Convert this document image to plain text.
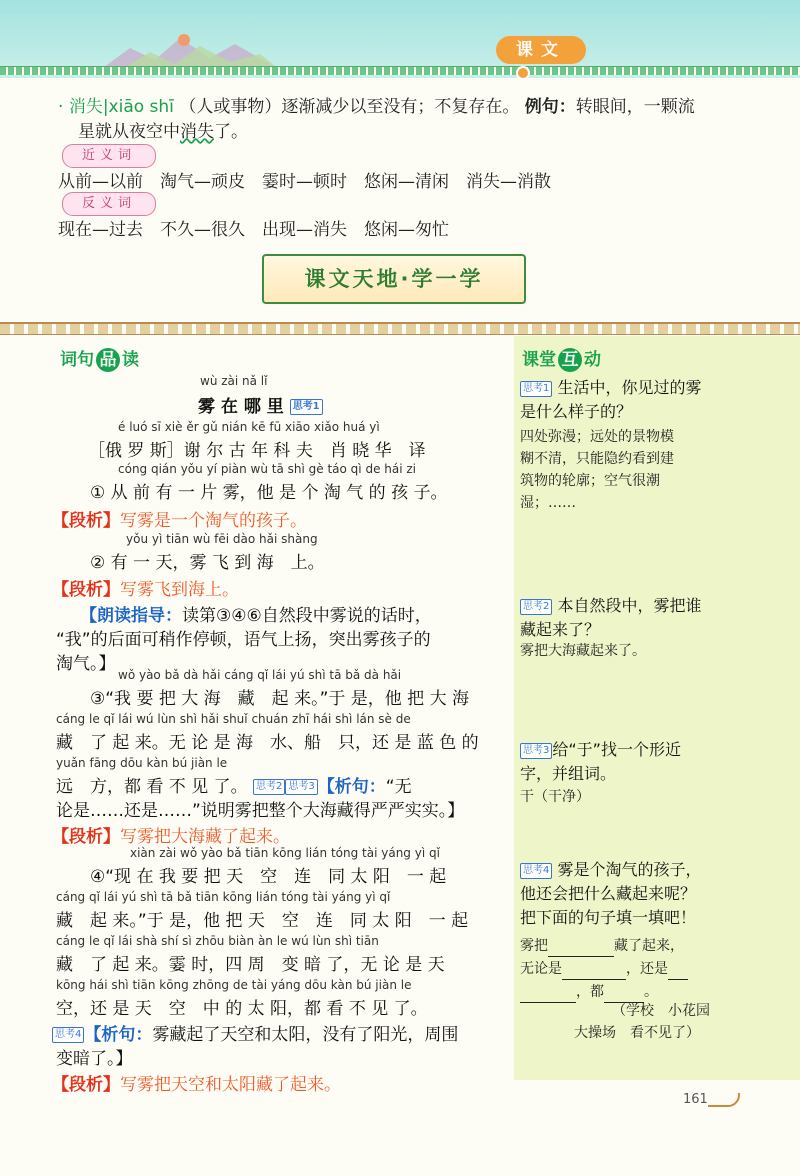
课文
· 消失|xiāo shī （人或事物）逐渐减少以至没有；不复存在。 例句：转眼间，一颗流
星就从夜空中消失了。
近义词
从前—以前　淘气—顽皮　霎时—顿时　悠闲—清闲　消失—消散
反义词
现在—过去　不久—很久　出现—消失　悠闲—匆忙
课文天地·学一学
课堂 互 动
词句 品 读
wù zài nǎ lǐ
雾 在 哪 里 思考1
é luó sī xiè ěr gǔ nián kē fū xiāo xiǎo huá yì
［俄 罗 斯］谢 尔 古 年 科 夫　肖 晓 华　译
cóng qián yǒu yí piàn wù tā shì gè táo qì de hái zi
① 从 前 有 一 片 雾，他 是 个 淘 气 的 孩 子。
【段析】写雾是一个淘气的孩子。
yǒu yì tiān wù fēi dào hǎi shàng
② 有 一 天，雾 飞 到 海　上。
【段析】写雾飞到海上。
【朗读指导：读第③④⑥自然段中雾说的话时，
“我”的后面可稍作停顿，语气上扬，突出雾孩子的
淘气。】
wǒ yào bǎ dà hǎi cáng qǐ lái yú shì tā bǎ dà hǎi
③“我 要 把 大 海　藏　起 来。”于 是，他 把 大 海
cáng le qǐ lái wú lùn shì hǎi shuǐ chuán zhī hái shì lán sè de
藏　了 起 来。无 论 是 海　水、船　只，还 是 蓝 色 的
yuǎn fāng dōu kàn bú jiàn le
远　方，都 看 不 见 了。 思考2 思考3 【析句：“无
论是……还是……”说明雾把整个大海藏得严严实实。】
【段析】写雾把大海藏了起来。
xiàn zài wǒ yào bǎ tiān kōng lián tóng tài yáng yì qǐ
④“现 在 我 要 把 天　空　连　同 太 阳　一 起
cáng qǐ lái yú shì tā bǎ tiān kōng lián tóng tài yáng yì qǐ
藏　起 来。”于 是，他 把 天　空　连　同 太 阳　一 起
cáng le qǐ lái shà shí sì zhōu biàn àn le wú lùn shì tiān
藏　了 起 来。霎 时，四 周　变 暗 了，无 论 是 天
kōng hái shì tiān kōng zhōng de tài yáng dōu kàn bú jiàn le
空，还 是 天　空　中 的 太 阳，都 看 不 见 了。
思考4 【析句：雾藏起了天空和太阳，没有了阳光，周围
变暗了。】
【段析】写雾把天空和太阳藏了起来。
思考1 生活中，你见过的雾
是什么样子的？
四处弥漫；远处的景物模
糊不清，只能隐约看到建
筑物的轮廓；空气很潮
湿；……
思考2 本自然段中，雾把谁
藏起来了？
雾把大海藏起来了。
思考3 给“于”找一个形近
字，并组词。
干（干净）
思考4 雾是个淘气的孩子，
他还会把什么藏起来呢？
把下面的句子填一填吧！
雾把	藏了起来，
无论是	，还是
，都	。
（学校　小花园
大操场　看不见了）
161
